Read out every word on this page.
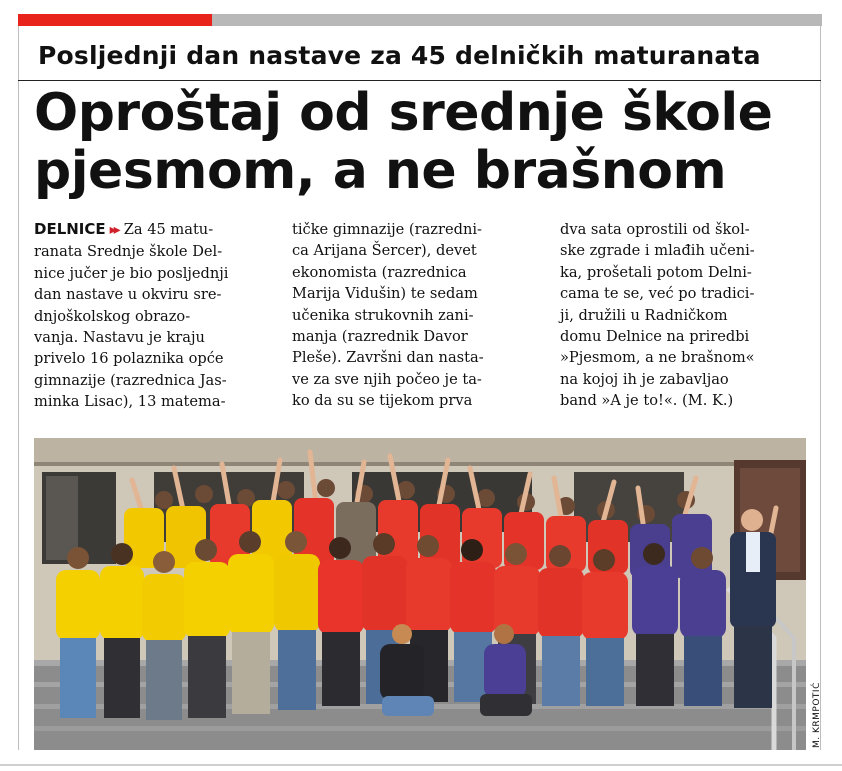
Posljednji dan nastave za 45 delničkih maturanata
Oproštaj od srednje škole
pjesmom, a ne brašnom
DELNICE ▸▸ Za 45 matu-
ranata Srednje škole Del-
nice jučer je bio posljednji
dan nastave u okviru sre-
dnjoškolskog obrazo-
vanja. Nastavu je kraju
privelo 16 polaznika opće
gimnazije (razrednica Jas-
minka Lisac), 13 matema-
tičke gimnazije (razredni-
ca Arijana Šercer), devet
ekonomista (razrednica
Marija Vidušin) te sedam
učenika strukovnih zani-
manja (razrednik Davor
Pleše). Završni dan nasta-
ve za sve njih počeo je ta-
ko da su se tijekom prva
dva sata oprostili od škol-
ske zgrade i mlađih učeni-
ka, prošetali potom Delni-
cama te se, već po tradici-
ji, družili u Radničkom
domu Delnice na priredbi
»Pjesmom, a ne brašnom«
na kojoj ih je zabavljao
band »A je to!«. (M. K.)
M. KRMPOTIĆ
